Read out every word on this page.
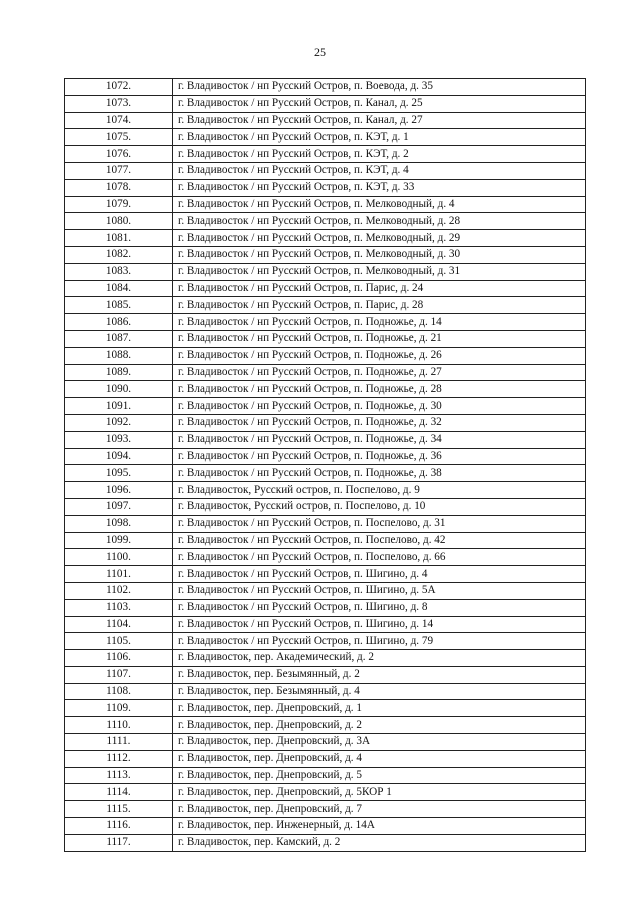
25
1072.	г. Владивосток / нп Русский Остров, п. Воевода, д. 35
1073.	г. Владивосток / нп Русский Остров, п. Канал, д. 25
1074.	г. Владивосток / нп Русский Остров, п. Канал, д. 27
1075.	г. Владивосток / нп Русский Остров, п. КЭТ, д. 1
1076.	г. Владивосток / нп Русский Остров, п. КЭТ, д. 2
1077.	г. Владивосток / нп Русский Остров, п. КЭТ, д. 4
1078.	г. Владивосток / нп Русский Остров, п. КЭТ, д. 33
1079.	г. Владивосток / нп Русский Остров, п. Мелководный, д. 4
1080.	г. Владивосток / нп Русский Остров, п. Мелководный, д. 28
1081.	г. Владивосток / нп Русский Остров, п. Мелководный, д. 29
1082.	г. Владивосток / нп Русский Остров, п. Мелководный, д. 30
1083.	г. Владивосток / нп Русский Остров, п. Мелководный, д. 31
1084.	г. Владивосток / нп Русский Остров, п. Парис, д. 24
1085.	г. Владивосток / нп Русский Остров, п. Парис, д. 28
1086.	г. Владивосток / нп Русский Остров, п. Подножье, д. 14
1087.	г. Владивосток / нп Русский Остров, п. Подножье, д. 21
1088.	г. Владивосток / нп Русский Остров, п. Подножье, д. 26
1089.	г. Владивосток / нп Русский Остров, п. Подножье, д. 27
1090.	г. Владивосток / нп Русский Остров, п. Подножье, д. 28
1091.	г. Владивосток / нп Русский Остров, п. Подножье, д. 30
1092.	г. Владивосток / нп Русский Остров, п. Подножье, д. 32
1093.	г. Владивосток / нп Русский Остров, п. Подножье, д. 34
1094.	г. Владивосток / нп Русский Остров, п. Подножье, д. 36
1095.	г. Владивосток / нп Русский Остров, п. Подножье, д. 38
1096.	г. Владивосток, Русский остров, п. Поспелово, д. 9
1097.	г. Владивосток, Русский остров, п. Поспелово, д. 10
1098.	г. Владивосток / нп Русский Остров, п. Поспелово, д. 31
1099.	г. Владивосток / нп Русский Остров, п. Поспелово, д. 42
1100.	г. Владивосток / нп Русский Остров, п. Поспелово, д. 66
1101.	г. Владивосток / нп Русский Остров, п. Шигино, д. 4
1102.	г. Владивосток / нп Русский Остров, п. Шигино, д. 5А
1103.	г. Владивосток / нп Русский Остров, п. Шигино, д. 8
1104.	г. Владивосток / нп Русский Остров, п. Шигино, д. 14
1105.	г. Владивосток / нп Русский Остров, п. Шигино, д. 79
1106.	г. Владивосток, пер. Академический, д. 2
1107.	г. Владивосток, пер. Безымянный, д. 2
1108.	г. Владивосток, пер. Безымянный, д. 4
1109.	г. Владивосток, пер. Днепровский, д. 1
1110.	г. Владивосток, пер. Днепровский, д. 2
1111.	г. Владивосток, пер. Днепровский, д. 3А
1112.	г. Владивосток, пер. Днепровский, д. 4
1113.	г. Владивосток, пер. Днепровский, д. 5
1114.	г. Владивосток, пер. Днепровский, д. 5КОР 1
1115.	г. Владивосток, пер. Днепровский, д. 7
1116.	г. Владивосток, пер. Инженерный, д. 14А
1117.	г. Владивосток, пер. Камский, д. 2
